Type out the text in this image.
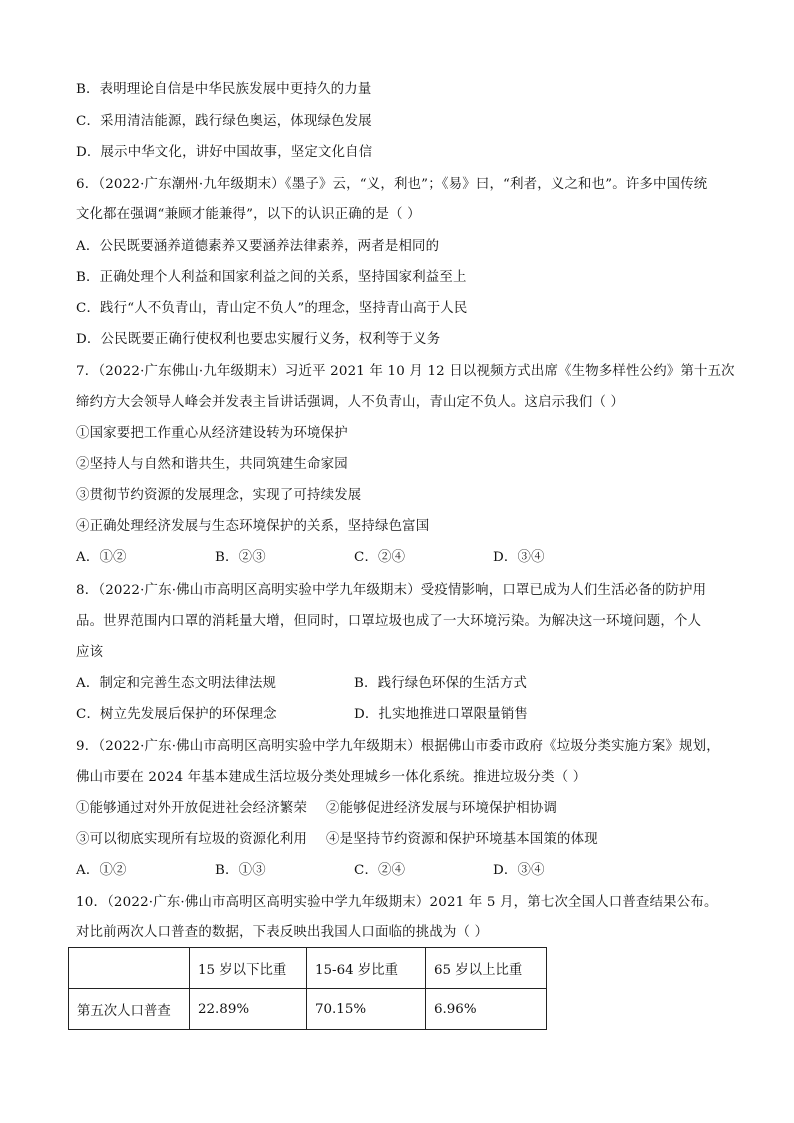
B．表明理论自信是中华民族发展中更持久的力量
C．采用清洁能源，践行绿色奥运，体现绿色发展
D．展示中华文化，讲好中国故事，坚定文化自信
6．（2022·广东潮州·九年级期末）《墨子》云，“义，利也”；《易》曰，“利者，义之和也”。许多中国传统
文化都在强调“兼顾才能兼得”，以下的认识正确的是（ ）
A．公民既要涵养道德素养又要涵养法律素养，两者是相同的
B．正确处理个人利益和国家利益之间的关系，坚持国家利益至上
C．践行“人不负青山，青山定不负人”的理念，坚持青山高于人民
D．公民既要正确行使权利也要忠实履行义务，权利等于义务
7．（2022·广东佛山·九年级期末）习近平 2021 年 10 月 12 日以视频方式出席《生物多样性公约》第十五次
缔约方大会领导人峰会并发表主旨讲话强调，人不负青山，青山定不负人。这启示我们（ ）
①国家要把工作重心从经济建设转为环境保护
②坚持人与自然和谐共生，共同筑建生命家园
③贯彻节约资源的发展理念，实现了可持续发展
④正确处理经济发展与生态环境保护的关系，坚持绿色富国
A．①②	B．②③	C．②④	D．③④
8．（2022·广东·佛山市高明区高明实验中学九年级期末）受疫情影响，口罩已成为人们生活必备的防护用
品。世界范围内口罩的消耗量大增，但同时，口罩垃圾也成了一大环境污染。为解决这一环境问题，个人
应该
A．制定和完善生态文明法律法规	B．践行绿色环保的生活方式
C．树立先发展后保护的环保理念	D．扎实地推进口罩限量销售
9．（2022·广东·佛山市高明区高明实验中学九年级期末）根据佛山市委市政府《垃圾分类实施方案》规划，
佛山市要在 2024 年基本建成生活垃圾分类处理城乡一体化系统。推进垃圾分类（ ）
①能够通过对外开放促进社会经济繁荣 ②能够促进经济发展与环境保护相协调
③可以彻底实现所有垃圾的资源化利用 ④是坚持节约资源和保护环境基本国策的体现
A．①②	B．①③	C．②④	D．③④
10．（2022·广东·佛山市高明区高明实验中学九年级期末）2021 年 5 月，第七次全国人口普查结果公布。
对比前两次人口普查的数据，下表反映出我国人口面临的挑战为（ ）
	15 岁以下比重	15-64 岁比重	65 岁以上比重
第五次人口普查	22.89%	70.15%	6.96%
